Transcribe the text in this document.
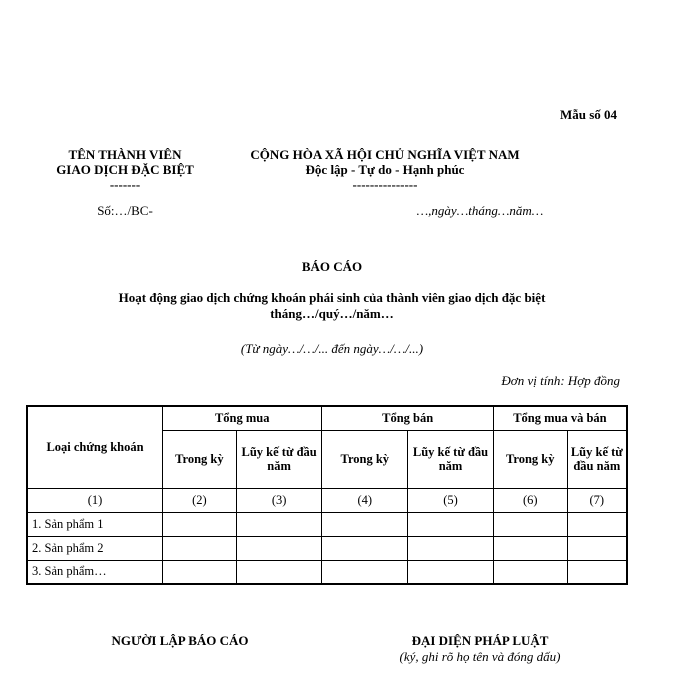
Mẫu số 04
TÊN THÀNH VIÊN
GIAO DỊCH ĐẶC BIỆT
-------
CỘNG HÒA XÃ HỘI CHỦ NGHĨA VIỆT NAM
Độc lập - Tự do - Hạnh phúc
---------------
Số:…/BC-	…,ngày…tháng…năm…
BÁO CÁO
Hoạt động giao dịch chứng khoán phái sinh của thành viên giao dịch đặc biệt
tháng…/quý…/năm…
(Từ ngày…/…/... đến ngày…/…/...)
Đơn vị tính: Hợp đồng
Loại chứng khoán	Tổng mua		Tổng bán		Tổng mua và bán	
	Trong kỳ	Lũy kế từ đầu năm	Trong kỳ	Lũy kế từ đầu năm	Trong kỳ	Lũy kế từ đầu năm
(1)	(2)	(3)	(4)	(5)	(6)	(7)
1. Sản phẩm 1						
2. Sản phẩm 2						
3. Sản phẩm…						
NGƯỜI LẬP BÁO CÁO	ĐẠI DIỆN PHÁP LUẬT
(ký, ghi rõ họ tên và đóng dấu)
